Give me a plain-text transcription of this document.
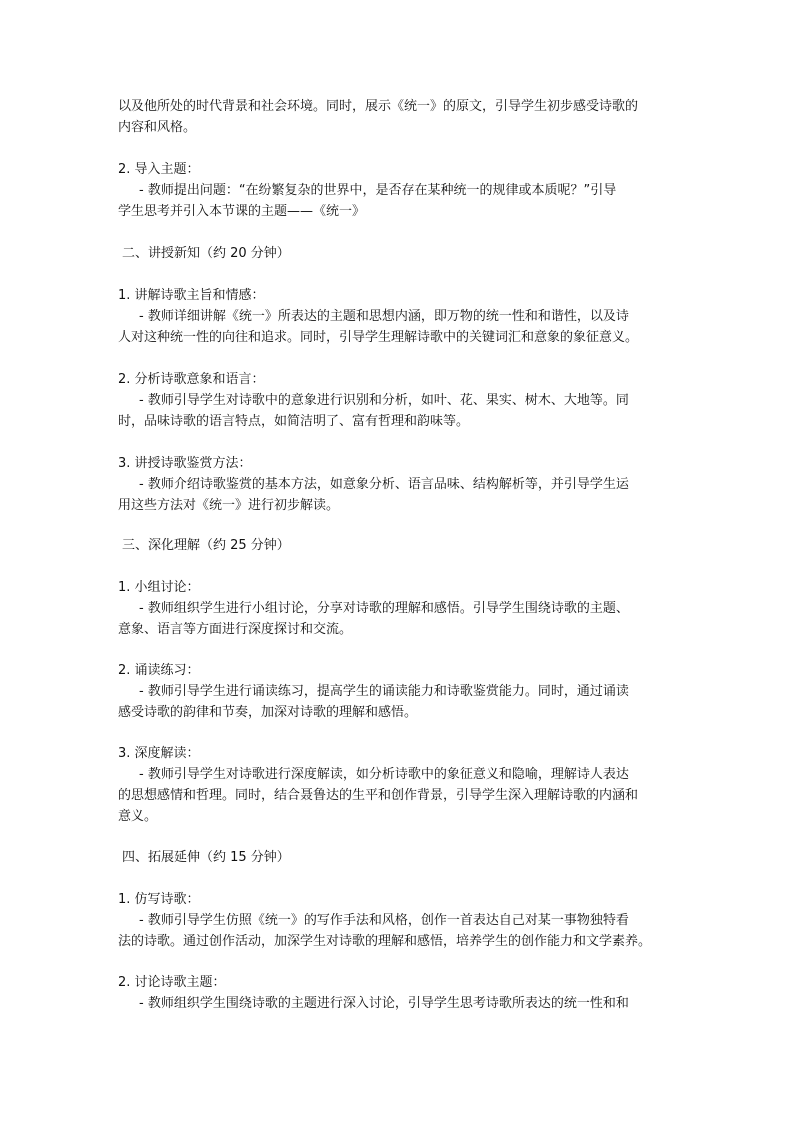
以及他所处的时代背景和社会环境。同时，展示《统一》的原文，引导学生初步感受诗歌的
内容和风格。
2. 导入主题：
- 教师提出问题：“在纷繁复杂的世界中，是否存在某种统一的规律或本质呢？”引导
学生思考并引入本节课的主题——《统一》
二、讲授新知（约 20 分钟）
1. 讲解诗歌主旨和情感：
- 教师详细讲解《统一》所表达的主题和思想内涵，即万物的统一性和和谐性，以及诗
人对这种统一性的向往和追求。同时，引导学生理解诗歌中的关键词汇和意象的象征意义。
2. 分析诗歌意象和语言：
- 教师引导学生对诗歌中的意象进行识别和分析，如叶、花、果实、树木、大地等。同
时，品味诗歌的语言特点，如简洁明了、富有哲理和韵味等。
3. 讲授诗歌鉴赏方法：
- 教师介绍诗歌鉴赏的基本方法，如意象分析、语言品味、结构解析等，并引导学生运
用这些方法对《统一》进行初步解读。
三、深化理解（约 25 分钟）
1. 小组讨论：
- 教师组织学生进行小组讨论，分享对诗歌的理解和感悟。引导学生围绕诗歌的主题、
意象、语言等方面进行深度探讨和交流。
2. 诵读练习：
- 教师引导学生进行诵读练习，提高学生的诵读能力和诗歌鉴赏能力。同时，通过诵读
感受诗歌的韵律和节奏，加深对诗歌的理解和感悟。
3. 深度解读：
- 教师引导学生对诗歌进行深度解读，如分析诗歌中的象征意义和隐喻，理解诗人表达
的思想感情和哲理。同时，结合聂鲁达的生平和创作背景，引导学生深入理解诗歌的内涵和
意义。
四、拓展延伸（约 15 分钟）
1. 仿写诗歌：
- 教师引导学生仿照《统一》的写作手法和风格，创作一首表达自己对某一事物独特看
法的诗歌。通过创作活动，加深学生对诗歌的理解和感悟，培养学生的创作能力和文学素养。
2. 讨论诗歌主题：
- 教师组织学生围绕诗歌的主题进行深入讨论，引导学生思考诗歌所表达的统一性和和
